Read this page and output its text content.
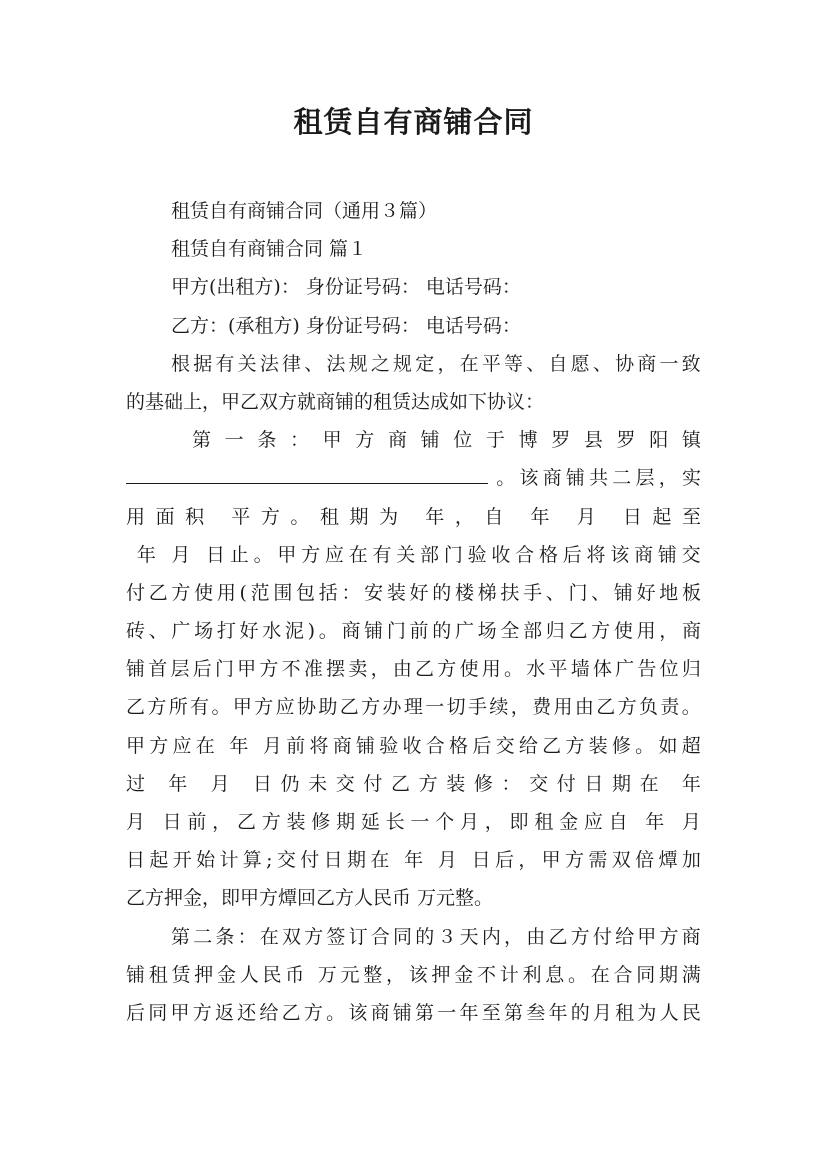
租赁自有商铺合同
租赁自有商铺合同（通用３篇）
租赁自有商铺合同 篇１
甲方(出租方)： 身份证号码： 电话号码：
乙方：(承租方) 身份证号码： 电话号码：
根 据 有 关 法 律 、 法 规 之 规 定 ， 在 平 等 、 自 愿 、 协 商 一 致
的基础上，甲乙双方就商铺的租赁达成如下协议：
第 一 条 ： 甲 方 商 铺 位 于 博 罗 县 罗 阳 镇
。 该 商 铺 共 二 层 ， 实
用 面 积
平 方 。 租 期 为
年 ， 自
年
月
日 起 至

年
月
日 止 。 甲 方 应 在 有 关 部 门 验 收 合 格 后 将 该 商 铺 交
付 乙 方 使 用 ( 范 围 包 括 ： 安 装 好 的 楼 梯 扶 手 、 门 、 铺 好 地 板
砖 、 广 场 打 好 水 泥 ) 。 商 铺 门 前 的 广 场 全 部 归 乙 方 使 用 ， 商
铺 首 层 后 门 甲 方 不 准 摆 卖 ， 由 乙 方 使 用 。 水 平 墙 体 广 告 位 归
乙 方 所 有 。 甲 方 应 协 助 乙 方 办 理 一 切 手 续 ， 费 用 由 乙 方 负 责 。
甲 方 应 在
年
月 前 将 商 铺 验 收 合 格 后 交 给 乙 方 装 修 。 如 超
过
年
月
日 仍 未 交 付 乙 方 装 修 ： 交 付 日 期 在
年
月
日 前 ， 乙 方 装 修 期 延 长 一 个 月 ， 即 租 金 应 自
年
月
日 起 开 始 计 算 ; 交 付 日 期 在
年
月
日 后 ， 甲 方 需 双 倍 燂 加
乙方押金，即甲方燂回乙方人民币 万元整。
第 二 条 ： 在 双 方 签 订 合 同 的 ３ 天 内 ， 由 乙 方 付 给 甲 方 商
铺 租 赁 押 金 人 民 币
万 元 整 ， 该 押 金 不 计 利 息 。 在 合 同 期 满
后 同 甲 方 返 还 给 乙 方 。 该 商 铺 第 一 年 至 第 叁 年 的 月 租 为 人 民
